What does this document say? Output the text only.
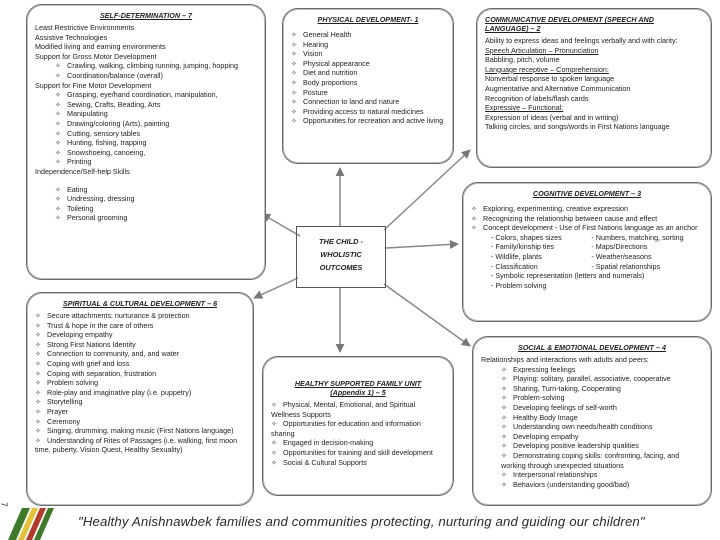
SELF-DETERMINATION – 7
Least Restrictive Environments
Assistive Technologies
Modified living and earning environments
Support for Gross Motor Development
✧ Crawling, walking, climbing running, jumping, hopping
✧ Coordination/balance (overall)
Support for Fine Motor Development
✧ Grasping, eye/hand coordination, manipulation,
✧ Sewing, Crafts, Beading, Arts
✧ Manipulating
✧ Drawing/coloring (Arts), painting
✧ Cutting, sensory tables
✧ Hunting, fishing, trapping
✧ Snowshoeing, canoeing,
✧ Printing
Independence/Self-help Skills
✧ Eating
✧ Undressing, dressing
✧ Toileting
✧ Personal grooming
PHYSICAL DEVELOPMENT- 1
✧ General Health
✧ Hearing
✧ Vision
✧ Physical appearance
✧ Diet and nutrition
✧ Body proportions
✧ Posture
✧ Connection to land and nature
✧ Providing access to natural medicines
✧ Opportunities for recreation and active living
COMMUNICATIVE DEVELOPMENT (SPEECH AND
LANGUAGE) – 2
Ability to express ideas and feelings verbally and with clarity:
Speech Articulation – Pronunciation
Babbling, pitch, volume
Language receptive – Comprehension:
Nonverbal response to spoken language
Augmentative and Alternative Communication
Recognition of labels/flash cards
Expressive – Functional:
Expression of ideas (verbal and in writing)
Talking circles, and songs/words in First Nations language
COGNITIVE DEVELOPMENT – 3
✧ Exploring, experimenting, creative expression
✧ Recognizing the relationship between cause and effect
✧ Concept development - Use of First Nations language as an anchor
- Colors, shapes sizes	- Numbers, matching, sorting
- Family/kinship ties	- Maps/Directions
- Wildlife, plants	- Weather/seasons
- Classification	- Spatial relationships
- Symbolic representation (letters and numerals)
- Problem solving
THE CHILD -
WHOLISTIC
OUTCOMES
SPIRITUAL & CULTURAL DEVELOPMENT – 6
✧ Secure attachments: nurturance & protection
✧ Trust & hope in the care of others
✧ Developing empathy
✧ Strong First Nations Identity
✧ Connection to community, and, and water
✧ Coping with grief and loss
✧ Coping with separation, frustration
✧ Problem solving
✧ Role-play and imaginative play (i.e. puppetry)
✧ Storytelling
✧ Prayer
✧ Ceremony
✧ Singing, drumming, making music (First Nations language)
✧ Understanding of Rites of Passages (i.e. walking, first moon time, puberty, Vision Quest, Healthy Sexuality)
HEALTHY SUPPORTED FAMILY UNIT
(Appendix 1) – 5
✧ Physical, Mental, Emotional, and Spiritual Wellness Supports
✧ Opportunities for education and information sharing
✧ Engaged in decision-making
✧ Opportunities for training and skill development
✧ Social & Cultural Supports
SOCIAL & EMOTIONAL DEVELOPMENT – 4
Relationships and interactions with adults and peers:
✧ Expressing feelings
✧ Playing: solitary, parallel, associative, cooperative
✧ Sharing, Turn-taking, Cooperating
✧ Problem-solving
✧ Developing feelings of self-worth
✧ Healthy Body Image
✧ Understanding own needs/health conditions
✧ Developing empathy
✧ Developing positive leadership qualities
✧ Demonstrating coping skills: confronting, facing, and working through unexpected situations
✧ Interpersonal relationships
✧ Behaviors (understanding good/bad)
7
"Healthy Anishnawbek families and communities protecting, nurturing and guiding our children"
